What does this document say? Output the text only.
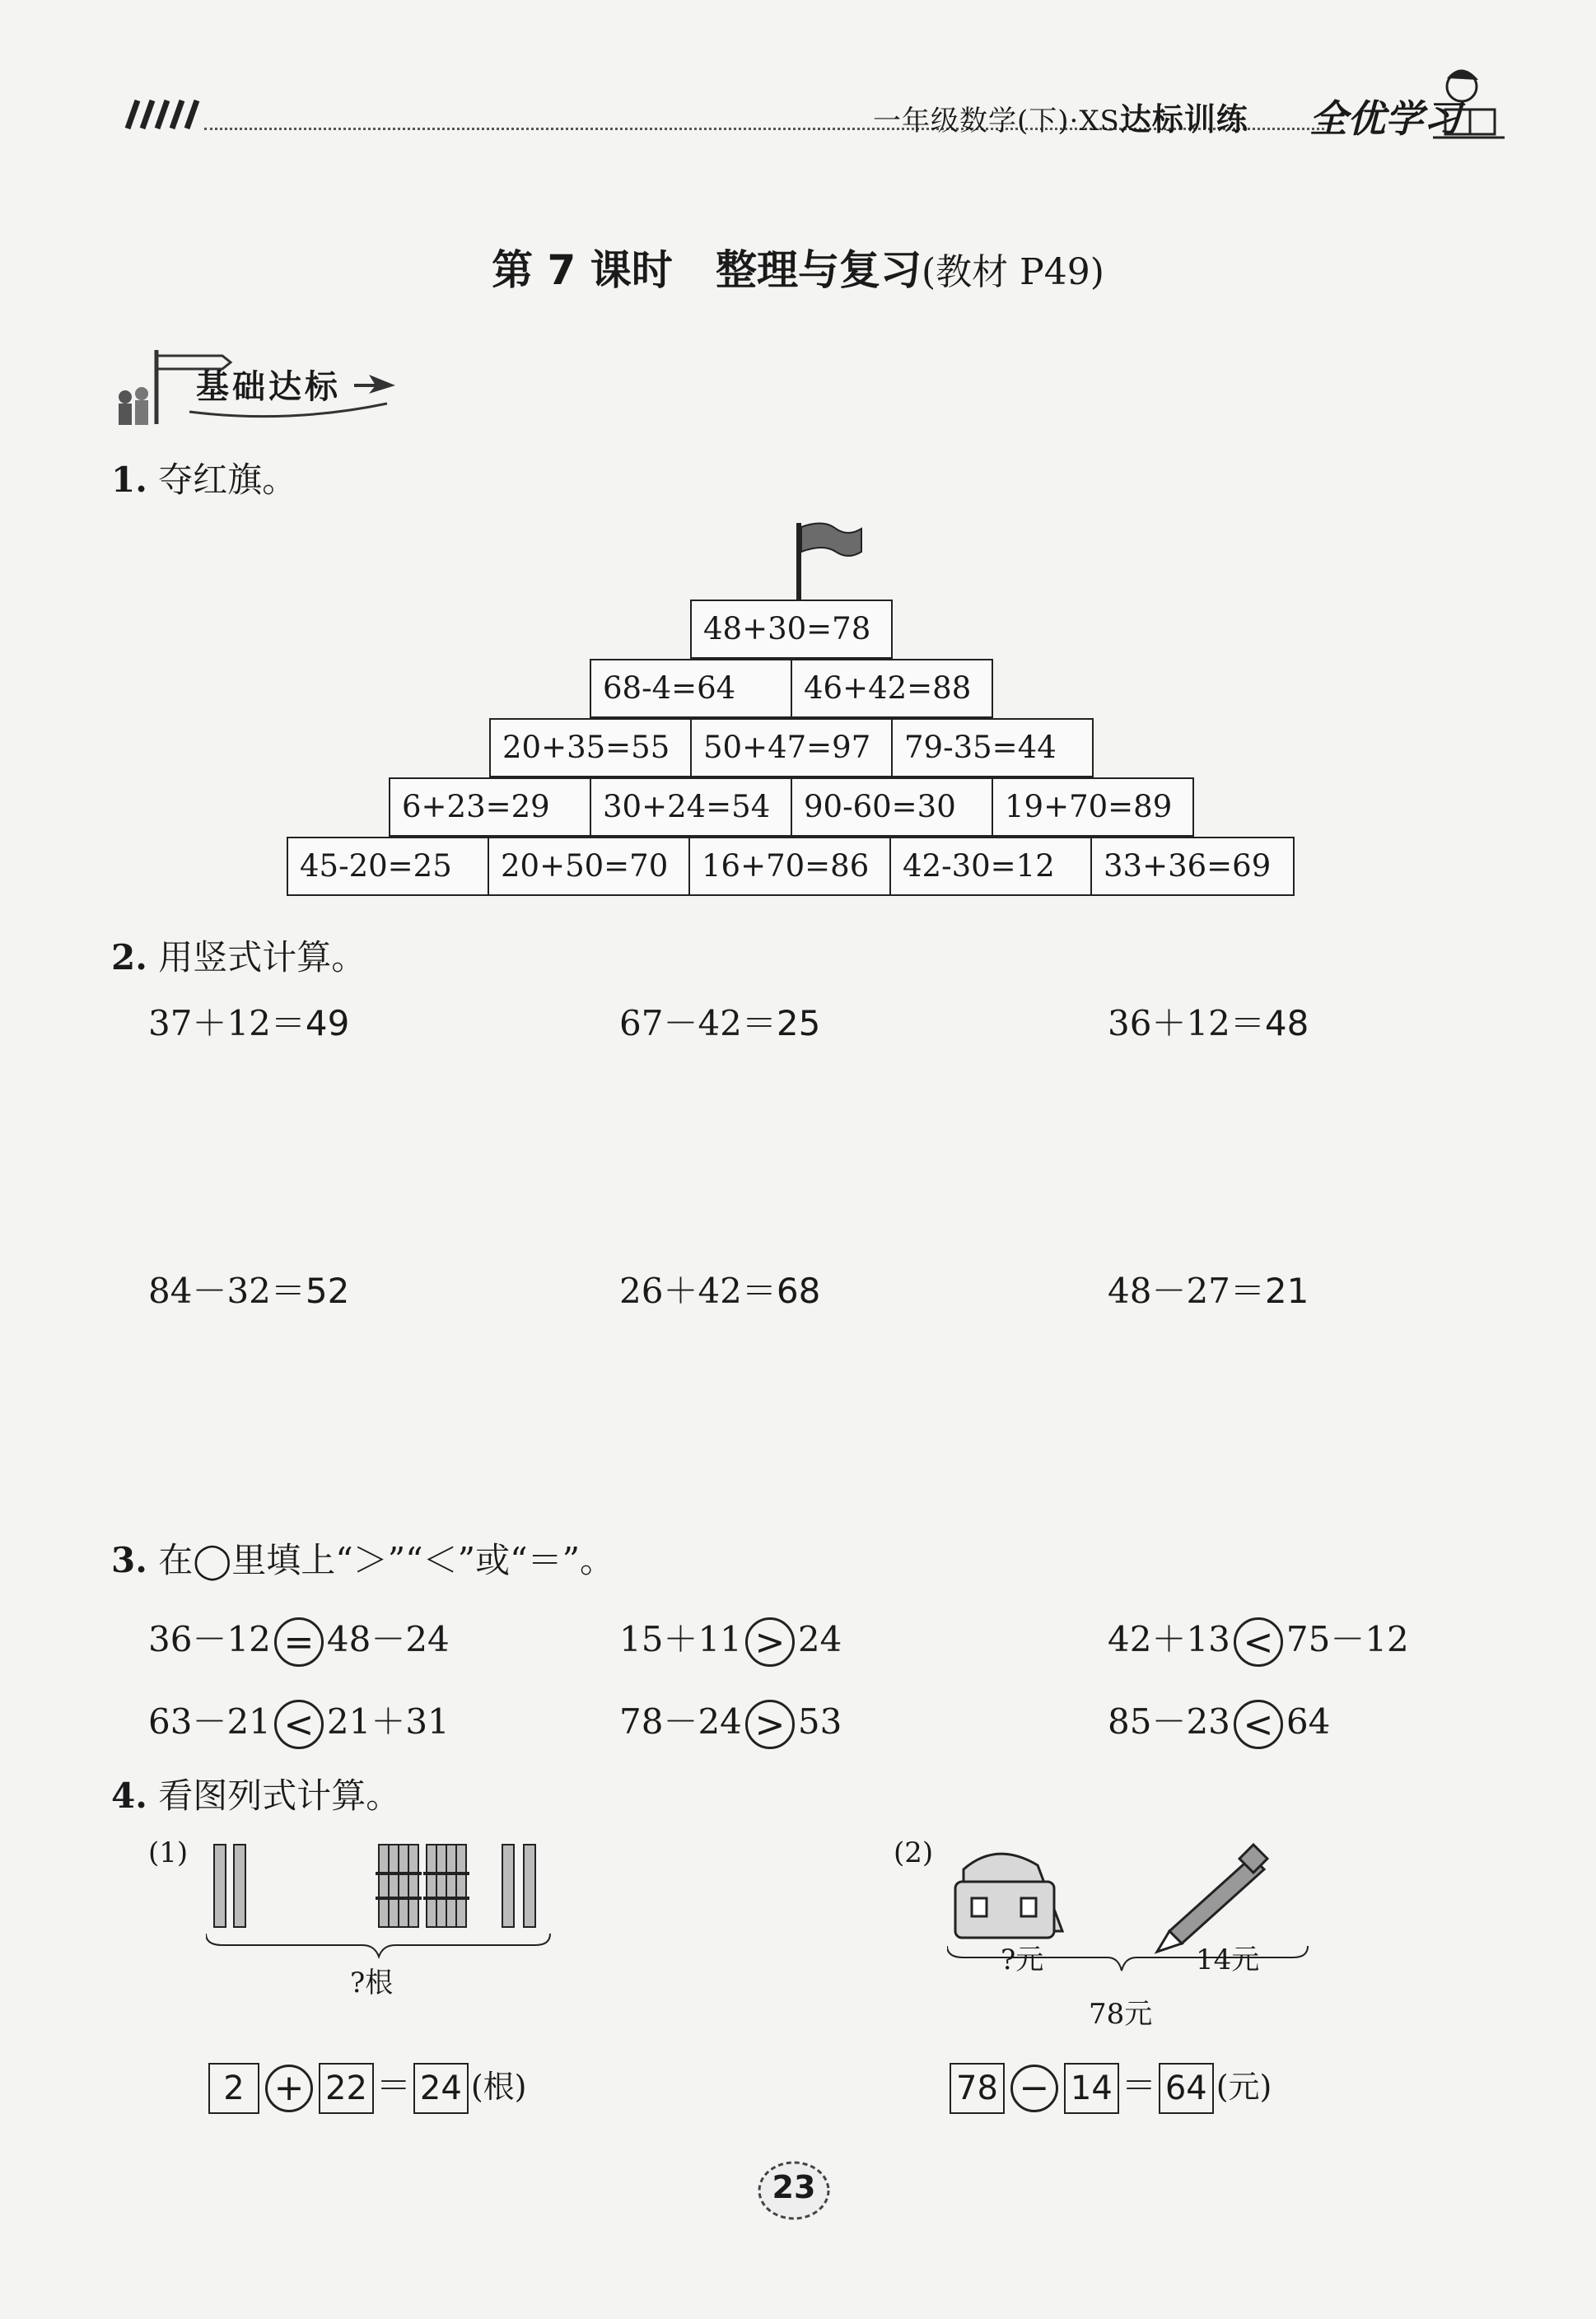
一年级数学(下)·XS达标训练 全优学习
第 7 课时   整理与复习(教材 P49)
基础达标
1. 夺红旗。
48+30=78
68-4=64	46+42=88
20+35=55	50+47=97	79-35=44
6+23=29	30+24=54	90-60=30	19+70=89
45-20=25	20+50=70	16+70=86	42-30=12	33+36=69
2. 用竖式计算。
37＋12＝49	67－42＝25	36＋12＝48
84－32＝52	26＋42＝68	48－27＝21
3. 在◯里填上“＞”“＜”或“＝”。
36－12 = 48－24	15＋11 > 24	42＋13 < 75－12
63－21 < 21＋31	78－24 > 53	85－23 < 64
4. 看图列式计算。
(1)
?根
2 + 22 ＝ 24 (根)
(2)
?元	14元
78元
78 − 14 ＝ 64 (元)
23
